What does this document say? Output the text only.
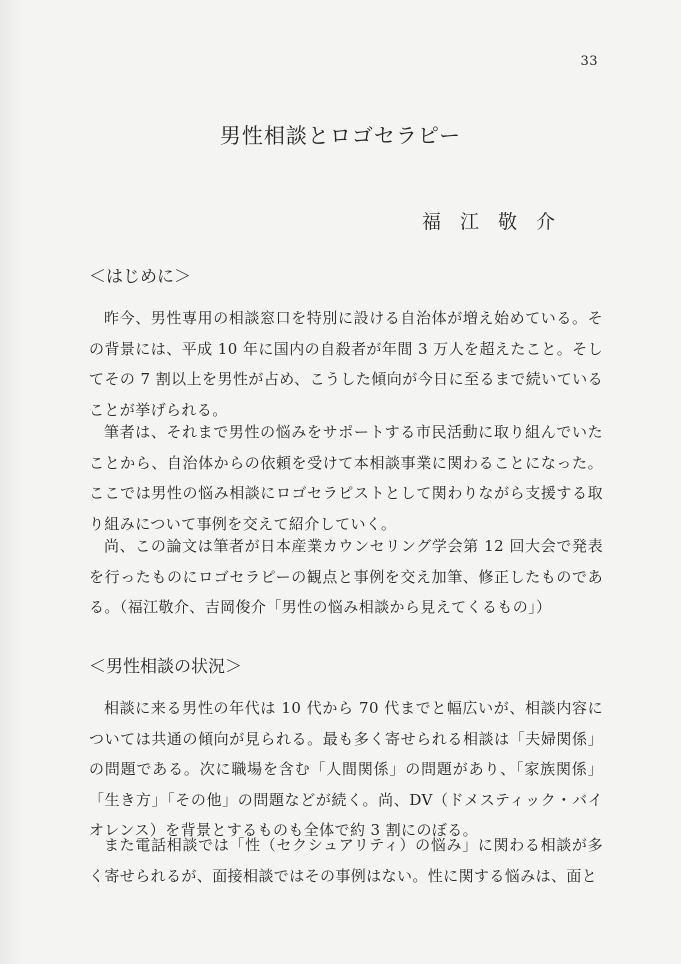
33
男性相談とロゴセラピー
福江敬介
＜はじめに＞

昨今、男性専用の相談窓口を特別に設ける自治体が増え始めている。その背景には、平成 10 年に国内の自殺者が年間 3 万人を超えたこと。そしてその 7 割以上を男性が占め、こうした傾向が今日に至るまで続いていることが挙げられる。

筆者は、それまで男性の悩みをサポートする市民活動に取り組んでいたことから、自治体からの依頼を受けて本相談事業に関わることになった。ここでは男性の悩み相談にロゴセラピストとして関わりながら支援する取り組みについて事例を交えて紹介していく。

尚、この論文は筆者が日本産業カウンセリング学会第 12 回大会で発表を行ったものにロゴセラピーの観点と事例を交え加筆、修正したものである。（福江敬介、吉岡俊介「男性の悩み相談から見えてくるもの」）

＜男性相談の状況＞

相談に来る男性の年代は 10 代から 70 代までと幅広いが、相談内容については共通の傾向が見られる。最も多く寄せられる相談は「夫婦関係」の問題である。次に職場を含む「人間関係」の問題があり、「家族関係」「生き方」「その他」の問題などが続く。尚、DV（ドメスティック・バイオレンス）を背景とするものも全体で約 3 割にのぼる。

また電話相談では「性（セクシュアリティ）の悩み」に関わる相談が多く寄せられるが、面接相談ではその事例はない。性に関する悩みは、面と
